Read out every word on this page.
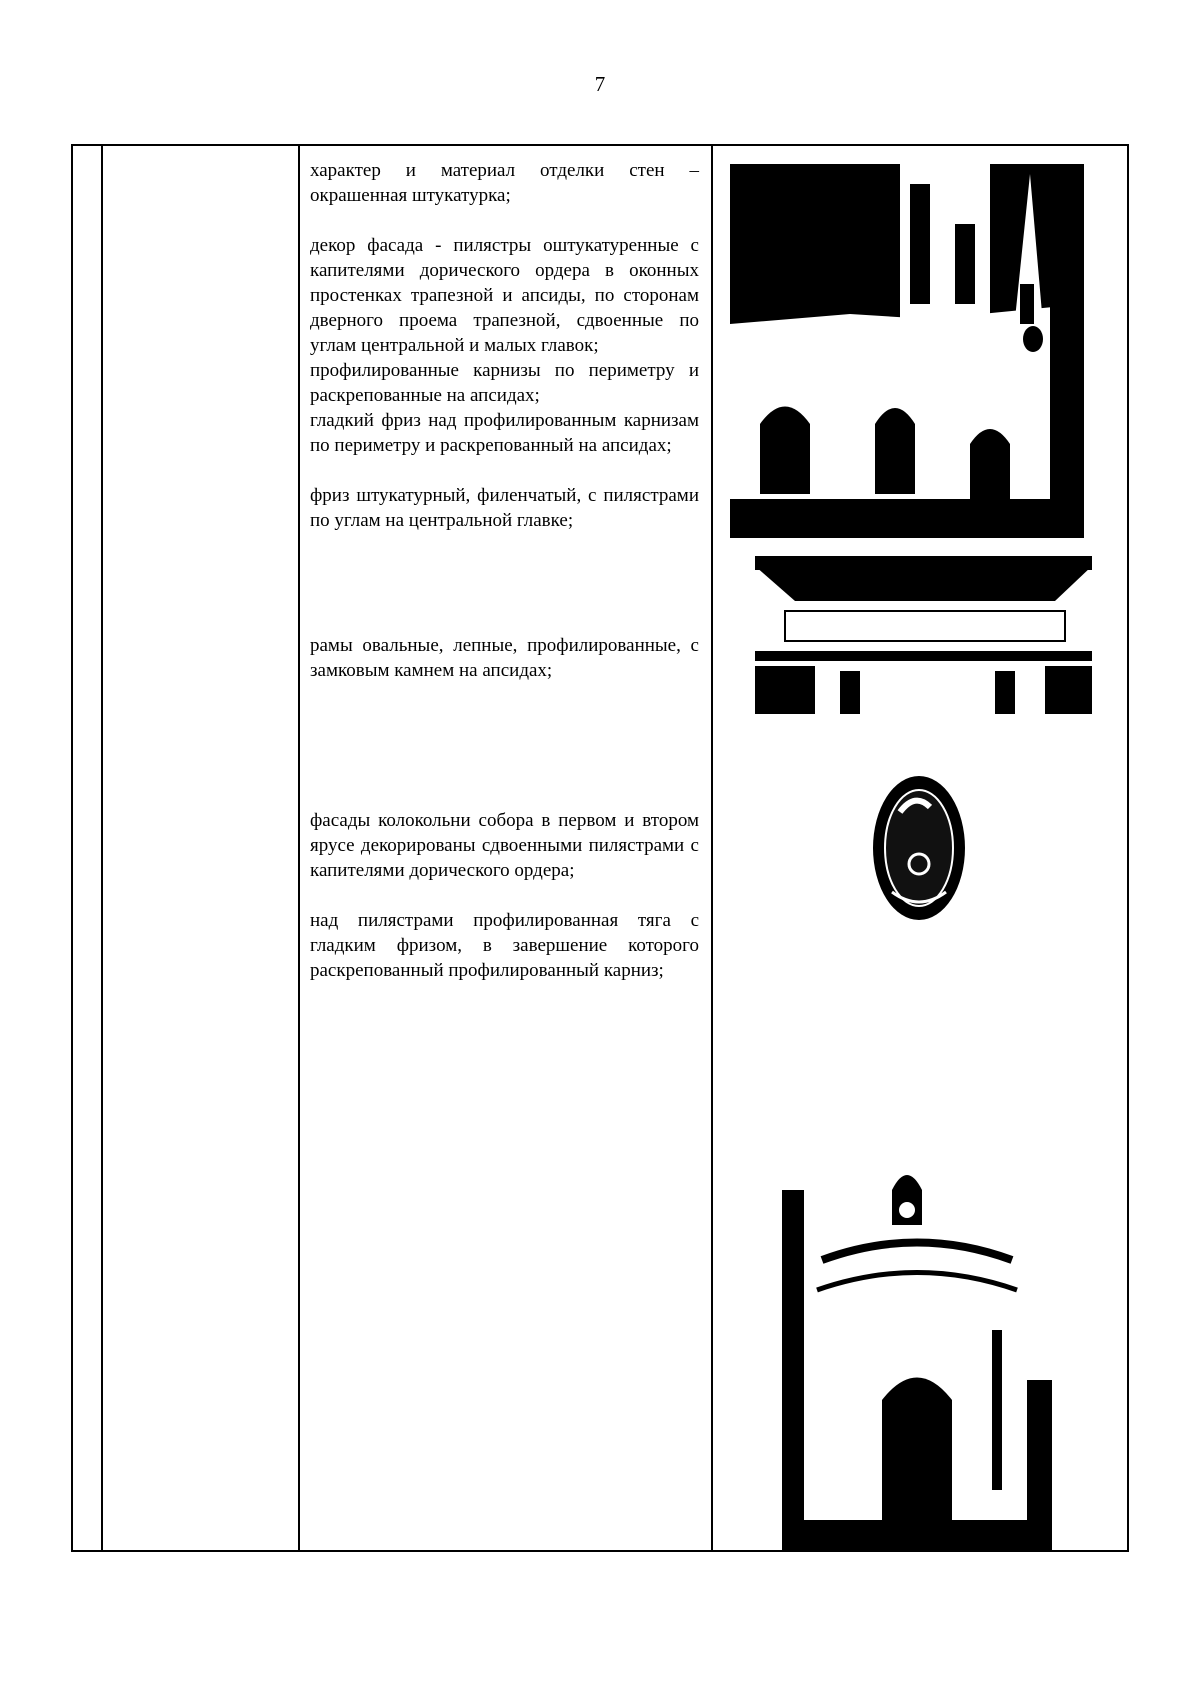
7

характер и материал отделки стен – окрашенная штукатурка;

декор фасада - пилястры оштукатуренные с капителями дорического ордера в оконных простенках трапезной и апсиды, по сторонам дверного проема трапезной, сдвоенные по углам центральной и малых главок;

профилированные карнизы по периметру и раскрепованные на апсидах;

гладкий фриз над профилированным карнизам по периметру и раскрепованный на апсидах;

фриз штукатурный, филенчатый, с пилястрами по углам на центральной главке;

рамы овальные, лепные, профилированные, с замковым камнем на апсидах;

фасады колокольни собора в первом и втором ярусе декорированы сдвоенными пилястрами с капителями дорического ордера;

над пилястрами профилированная тяга с гладким фризом, в завершение которого раскрепованный профилированный карниз;
